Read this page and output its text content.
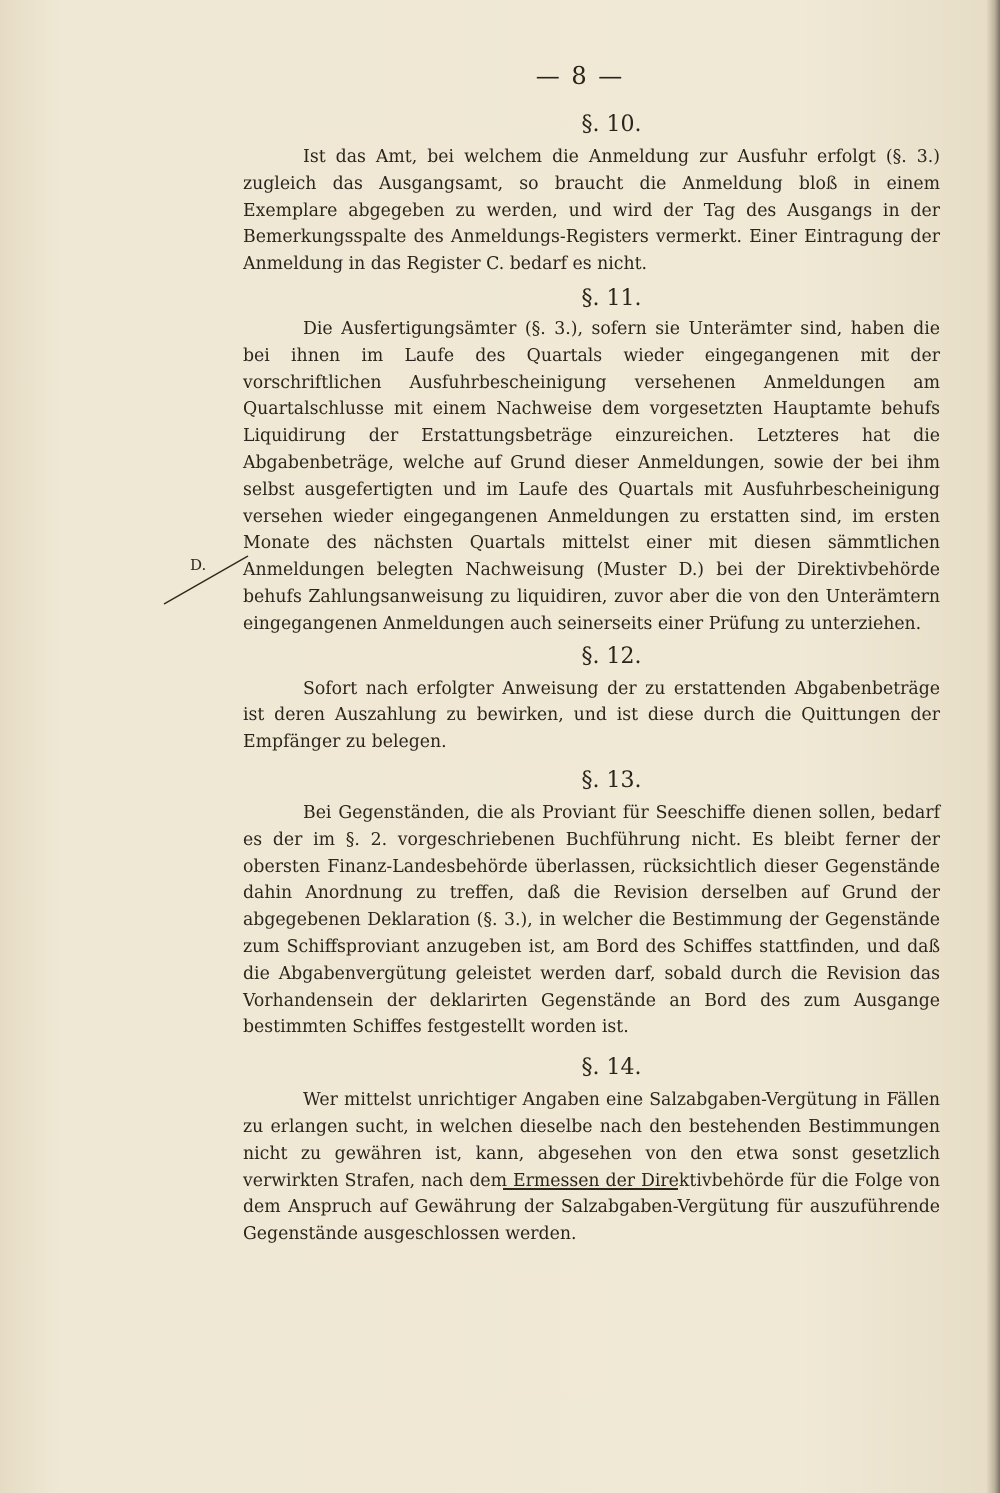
— 8 —
§. 10.

Ist das Amt, bei welchem die Anmeldung zur Ausfuhr erfolgt (§. 3.) zugleich das Ausgangsamt, so braucht die Anmeldung bloß in einem Exemplare abgegeben zu werden, und wird der Tag des Ausgangs in der Bemerkungsspalte des Anmeldungs-Registers vermerkt. Einer Eintragung der Anmeldung in das Register C. bedarf es nicht.

§. 11.

Die Ausfertigungsämter (§. 3.), sofern sie Unterämter sind, haben die bei ihnen im Laufe des Quartals wieder eingegangenen mit der vorschriftlichen Ausfuhrbescheinigung versehenen Anmeldungen am Quartalschlusse mit einem Nachweise dem vorgesetzten Hauptamte behufs Liquidirung der Erstattungsbeträge einzureichen. Letzteres hat die Abgabenbeträge, welche auf Grund dieser Anmeldungen, sowie der bei ihm selbst ausgefertigten und im Laufe des Quartals mit Ausfuhrbescheinigung versehen wieder eingegangenen Anmeldungen zu erstatten sind, im ersten Monate des nächsten Quartals mittelst einer mit diesen sämmtlichen Anmeldungen belegten Nachweisung (Muster D.) bei der Direktivbehörde behufs Zahlungsanweisung zu liquidiren, zuvor aber die von den Unterämtern eingegangenen Anmeldungen auch seinerseits einer Prüfung zu unterziehen.

§. 12.

Sofort nach erfolgter Anweisung der zu erstattenden Abgabenbeträge ist deren Auszahlung zu bewirken, und ist diese durch die Quittungen der Empfänger zu belegen.

§. 13.

Bei Gegenständen, die als Proviant für Seeschiffe dienen sollen, bedarf es der im §. 2. vorgeschriebenen Buchführung nicht. Es bleibt ferner der obersten Finanz-Landesbehörde überlassen, rücksichtlich dieser Gegenstände dahin Anordnung zu treffen, daß die Revision derselben auf Grund der abgegebenen Deklaration (§. 3.), in welcher die Bestimmung der Gegenstände zum Schiffsproviant anzugeben ist, am Bord des Schiffes stattfinden, und daß die Abgabenvergütung geleistet werden darf, sobald durch die Revision das Vorhandensein der deklarirten Gegenstände an Bord des zum Ausgange bestimmten Schiffes festgestellt worden ist.

§. 14.

Wer mittelst unrichtiger Angaben eine Salzabgaben-Vergütung in Fällen zu erlangen sucht, in welchen dieselbe nach den bestehenden Bestimmungen nicht zu gewähren ist, kann, abgesehen von den etwa sonst gesetzlich verwirkten Strafen, nach dem Ermessen der Direktivbehörde für die Folge von dem Anspruch auf Gewährung der Salzabgaben-Vergütung für auszuführende Gegenstände ausgeschlossen werden.

D.
